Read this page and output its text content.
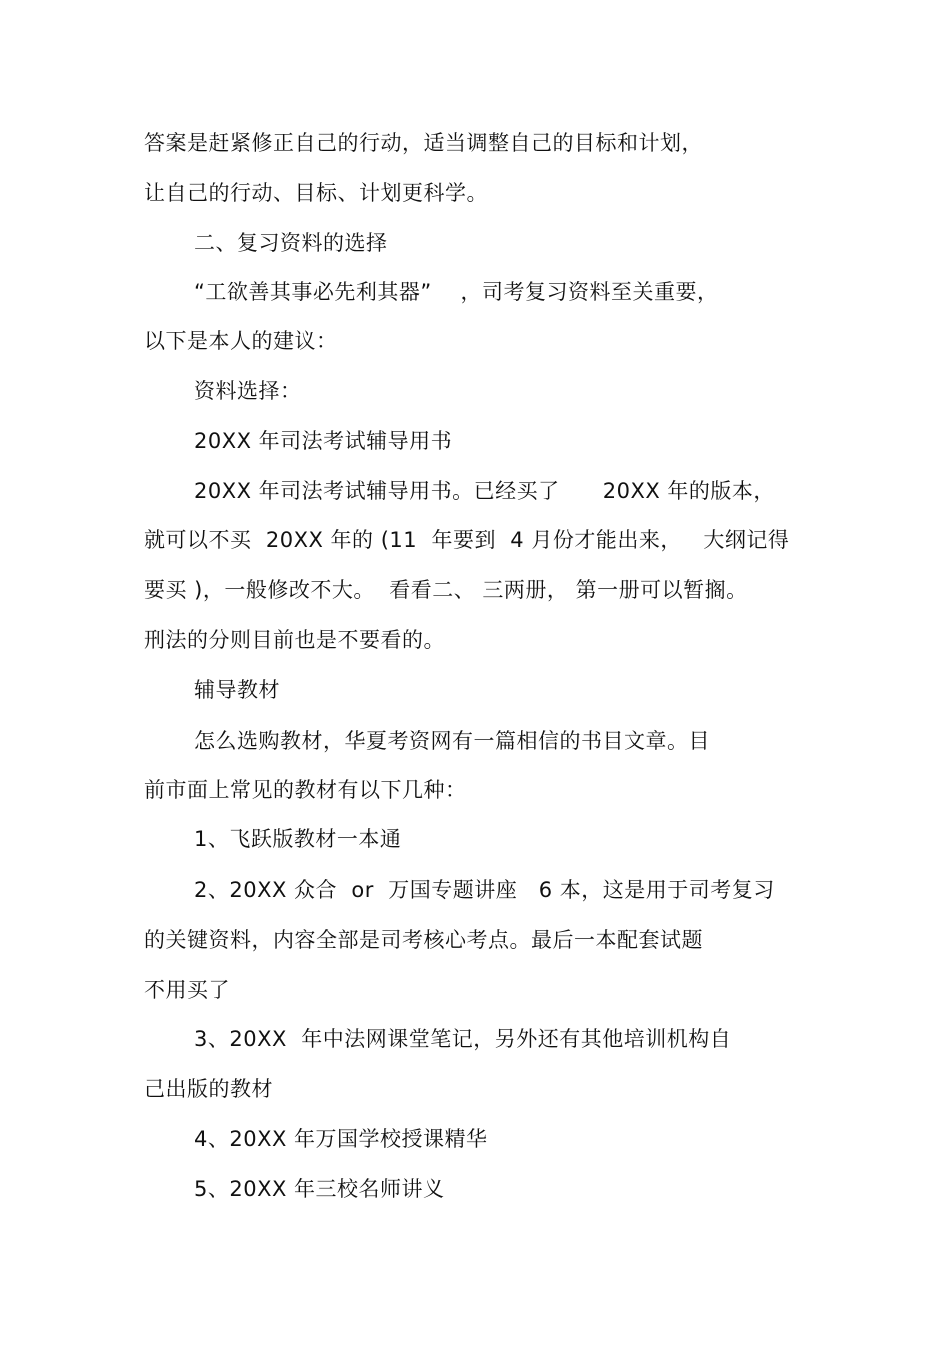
答案是赶紧修正自己的行动，适当调整自己的目标和计划，
让自己的行动、目标、计划更科学。
二、复习资料的选择
“工欲善其事必先利其器”    ，司考复习资料至关重要，
以下是本人的建议：
资料选择：
20XX 年司法考试辅导用书
20XX 年司法考试辅导用书。已经买了      20XX 年的版本，
就可以不买  20XX 年的 (11  年要到  4 月份才能出来，   大纲记得
要买 )，一般修改不大。  看看二、 三两册， 第一册可以暂搁。
刑法的分则目前也是不要看的。
辅导教材
怎么选购教材，华夏考资网有一篇相信的书目文章。目
前市面上常见的教材有以下几种：
1、飞跃版教材一本通
2、20XX 众合  or  万国专题讲座   6 本，这是用于司考复习
的关键资料，内容全部是司考核心考点。最后一本配套试题
不用买了
3、20XX  年中法网课堂笔记，另外还有其他培训机构自
己出版的教材
4、20XX 年万国学校授课精华
5、20XX 年三校名师讲义
